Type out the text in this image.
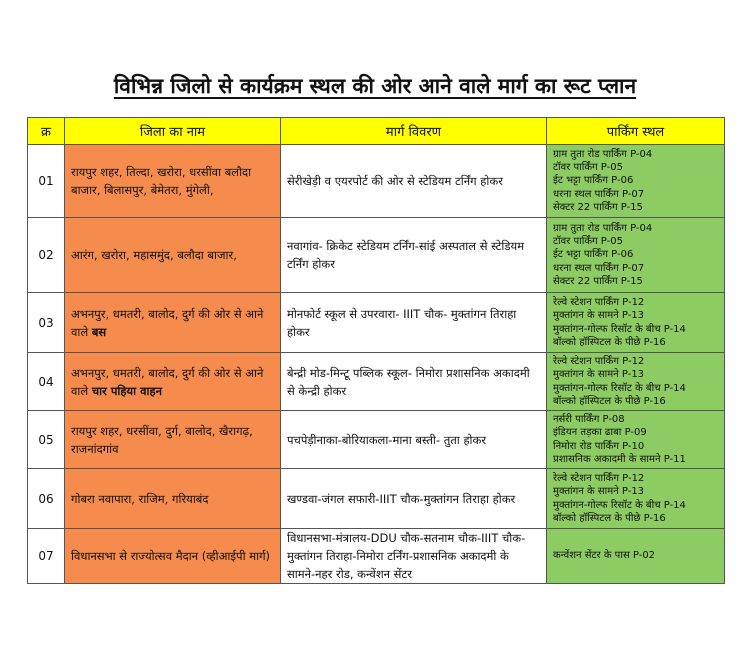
विभिन्न जिलो से कार्यक्रम स्थल की ओर आने वाले मार्ग का रूट प्लान
क्र	जिला का नाम	मार्ग विवरण	पार्किंग स्थल
01	रायपुर शहर, तिल्दा, खरोरा, धरसींवा बलौदा बाजार, बिलासपुर, बेमेतरा, मुंगेली,	सेरीखेड़ी व एयरपोर्ट की ओर से स्टेडियम टर्निंग होकर	ग्राम तुता रोड पार्किंग P-04
टॉवर पार्किंग P-05
ईट भट्टा पार्किंग P-06
धरना स्थल पार्किंग P-07
सेक्टर 22 पार्किंग P-15

02	आरंग, खरोरा, महासमुंद, बलौदा बाजार,	नवागांव- क्रिकेट स्टेडियम टर्निंग-सांई अस्पताल से स्टेडियम टर्निंग होकर	ग्राम तुता रोड पार्किंग P-04
टॉवर पार्किंग P-05
ईट भट्टा पार्किंग P-06
धरना स्थल पार्किंग P-07
सेक्टर 22 पार्किंग P-15

03	अभनपुर, धमतरी, बालोद, दुर्ग की ओर से आने वाले बस	मोनफोर्ट स्कूल से उपरवारा- IIIT चौक- मुक्तांगन तिराहा होकर	रेल्वे स्टेशन पार्किंग P-12
मुक्तांगन के सामने P-13
मुक्तांगन-गोल्फ रिसॉट के बीच P-14
बॉल्को हॉस्पिटल के पीछे P-16

04	अभनपुर, धमतरी, बालोद, दुर्ग की ओर से आने वाले चार पहिया वाहन	बेन्द्री मोड-मिन्टू पब्लिक स्कूल- निमोरा प्रशासनिक अकादमी से केन्द्री होकर	रेल्वे स्टेशन पार्किंग P-12
मुक्तांगन के सामने P-13
मुक्तांगन-गोल्फ रिसॉट के बीच P-14
बॉल्को हॉस्पिटल के पीछे P-16

05	रायपुर शहर, धरसींवा, दुर्ग, बालोद, खैरागढ़, राजनांदगांव	पचपेड़ीनाका-बोरियाकला-माना बस्ती- तुता होकर	नर्सरी पार्किंग P-08
इंडियन तड़का ढाबा P-09
निमोरा रोड पार्किंग P-10
प्रशासनिक अकादमी के सामने P-11

06	गोबरा नवापारा, राजिम, गरियाबंद	खण्डवा-जंगल सफारी-IIIT चौक-मुक्तांगन तिराहा होकर	रेल्वे स्टेशन पार्किंग P-12
मुक्तांगन के सामने P-13
मुक्तांगन-गोल्फ रिसॉट के बीच P-14
बॉल्को हॉस्पिटल के पीछे P-16

07	विधानसभा से राज्योत्सव मैदान (व्हीआईपी मार्ग)	विधानसभा-मंत्रालय-DDU चौक-सतनाम चौक-IIIT चौक-मुक्तांगन तिराहा-निमोरा टर्निंग-प्रशासनिक अकादमी के सामने-नहर रोड, कन्वेंशन सेंटर	कन्वेंशन सेंटर के पास P-02
